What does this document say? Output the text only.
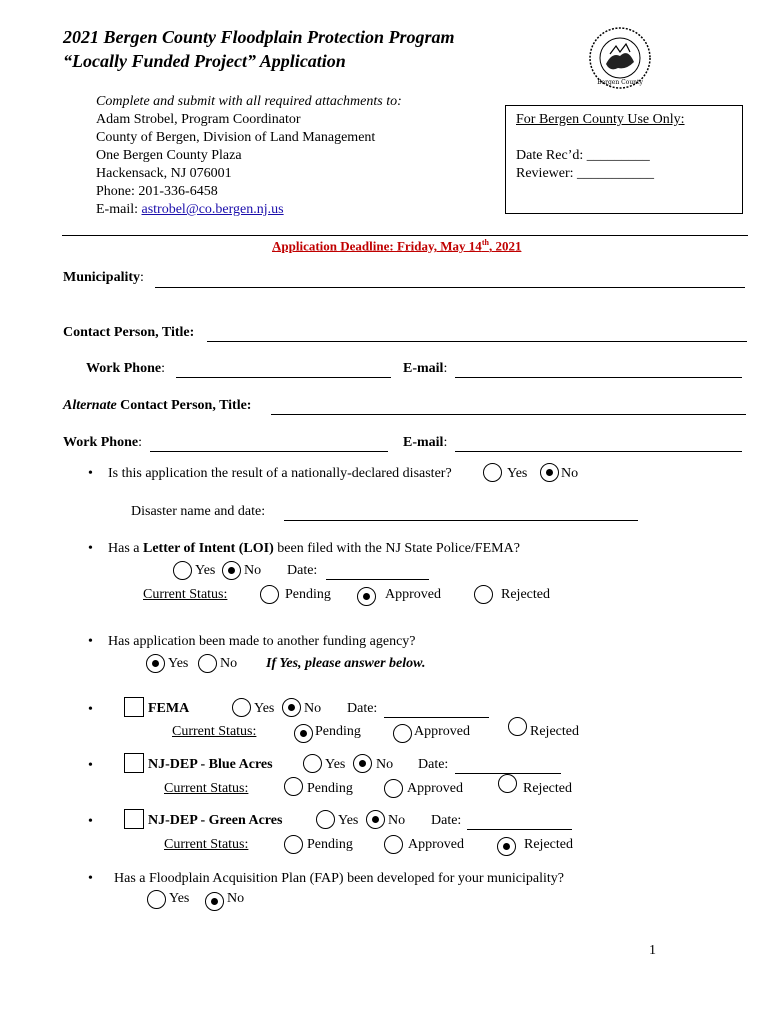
2021 Bergen County Floodplain Protection Program
“Locally Funded Project” Application
Bergen County
Complete and submit with all required attachments to:
Adam Strobel, Program Coordinator
County of Bergen, Division of Land Management
One Bergen County Plaza
Hackensack, NJ 076001
Phone: 201-336-6458
E-mail: astrobel@co.bergen.nj.us
For Bergen County Use Only:
Date Rec’d: _________
Reviewer: ___________
Application Deadline: Friday, May 14th, 2021
Municipality:
Contact Person, Title:
Work Phone:	E-mail:
Alternate Contact Person, Title:
Work Phone:	E-mail:
• Is this application the result of a nationally-declared disaster?	Yes No
Disaster name and date:
• Has a Letter of Intent (LOI) been filed with the NJ State Police/FEMA?
Yes No Date:
Current Status:	Pending	Approved	Rejected
• Has application been made to another funding agency?
Yes No If Yes, please answer below.
•	FEMA	Yes No Date:
Current Status:	Pending	Approved	Rejected
•	NJ-DEP - Blue Acres	Yes No Date:
Current Status:	Pending	Approved	Rejected
•	NJ-DEP - Green Acres	Yes No Date:
Current Status:	Pending	Approved	Rejected
• Has a Floodplain Acquisition Plan (FAP) been developed for your municipality?
Yes	No
1
